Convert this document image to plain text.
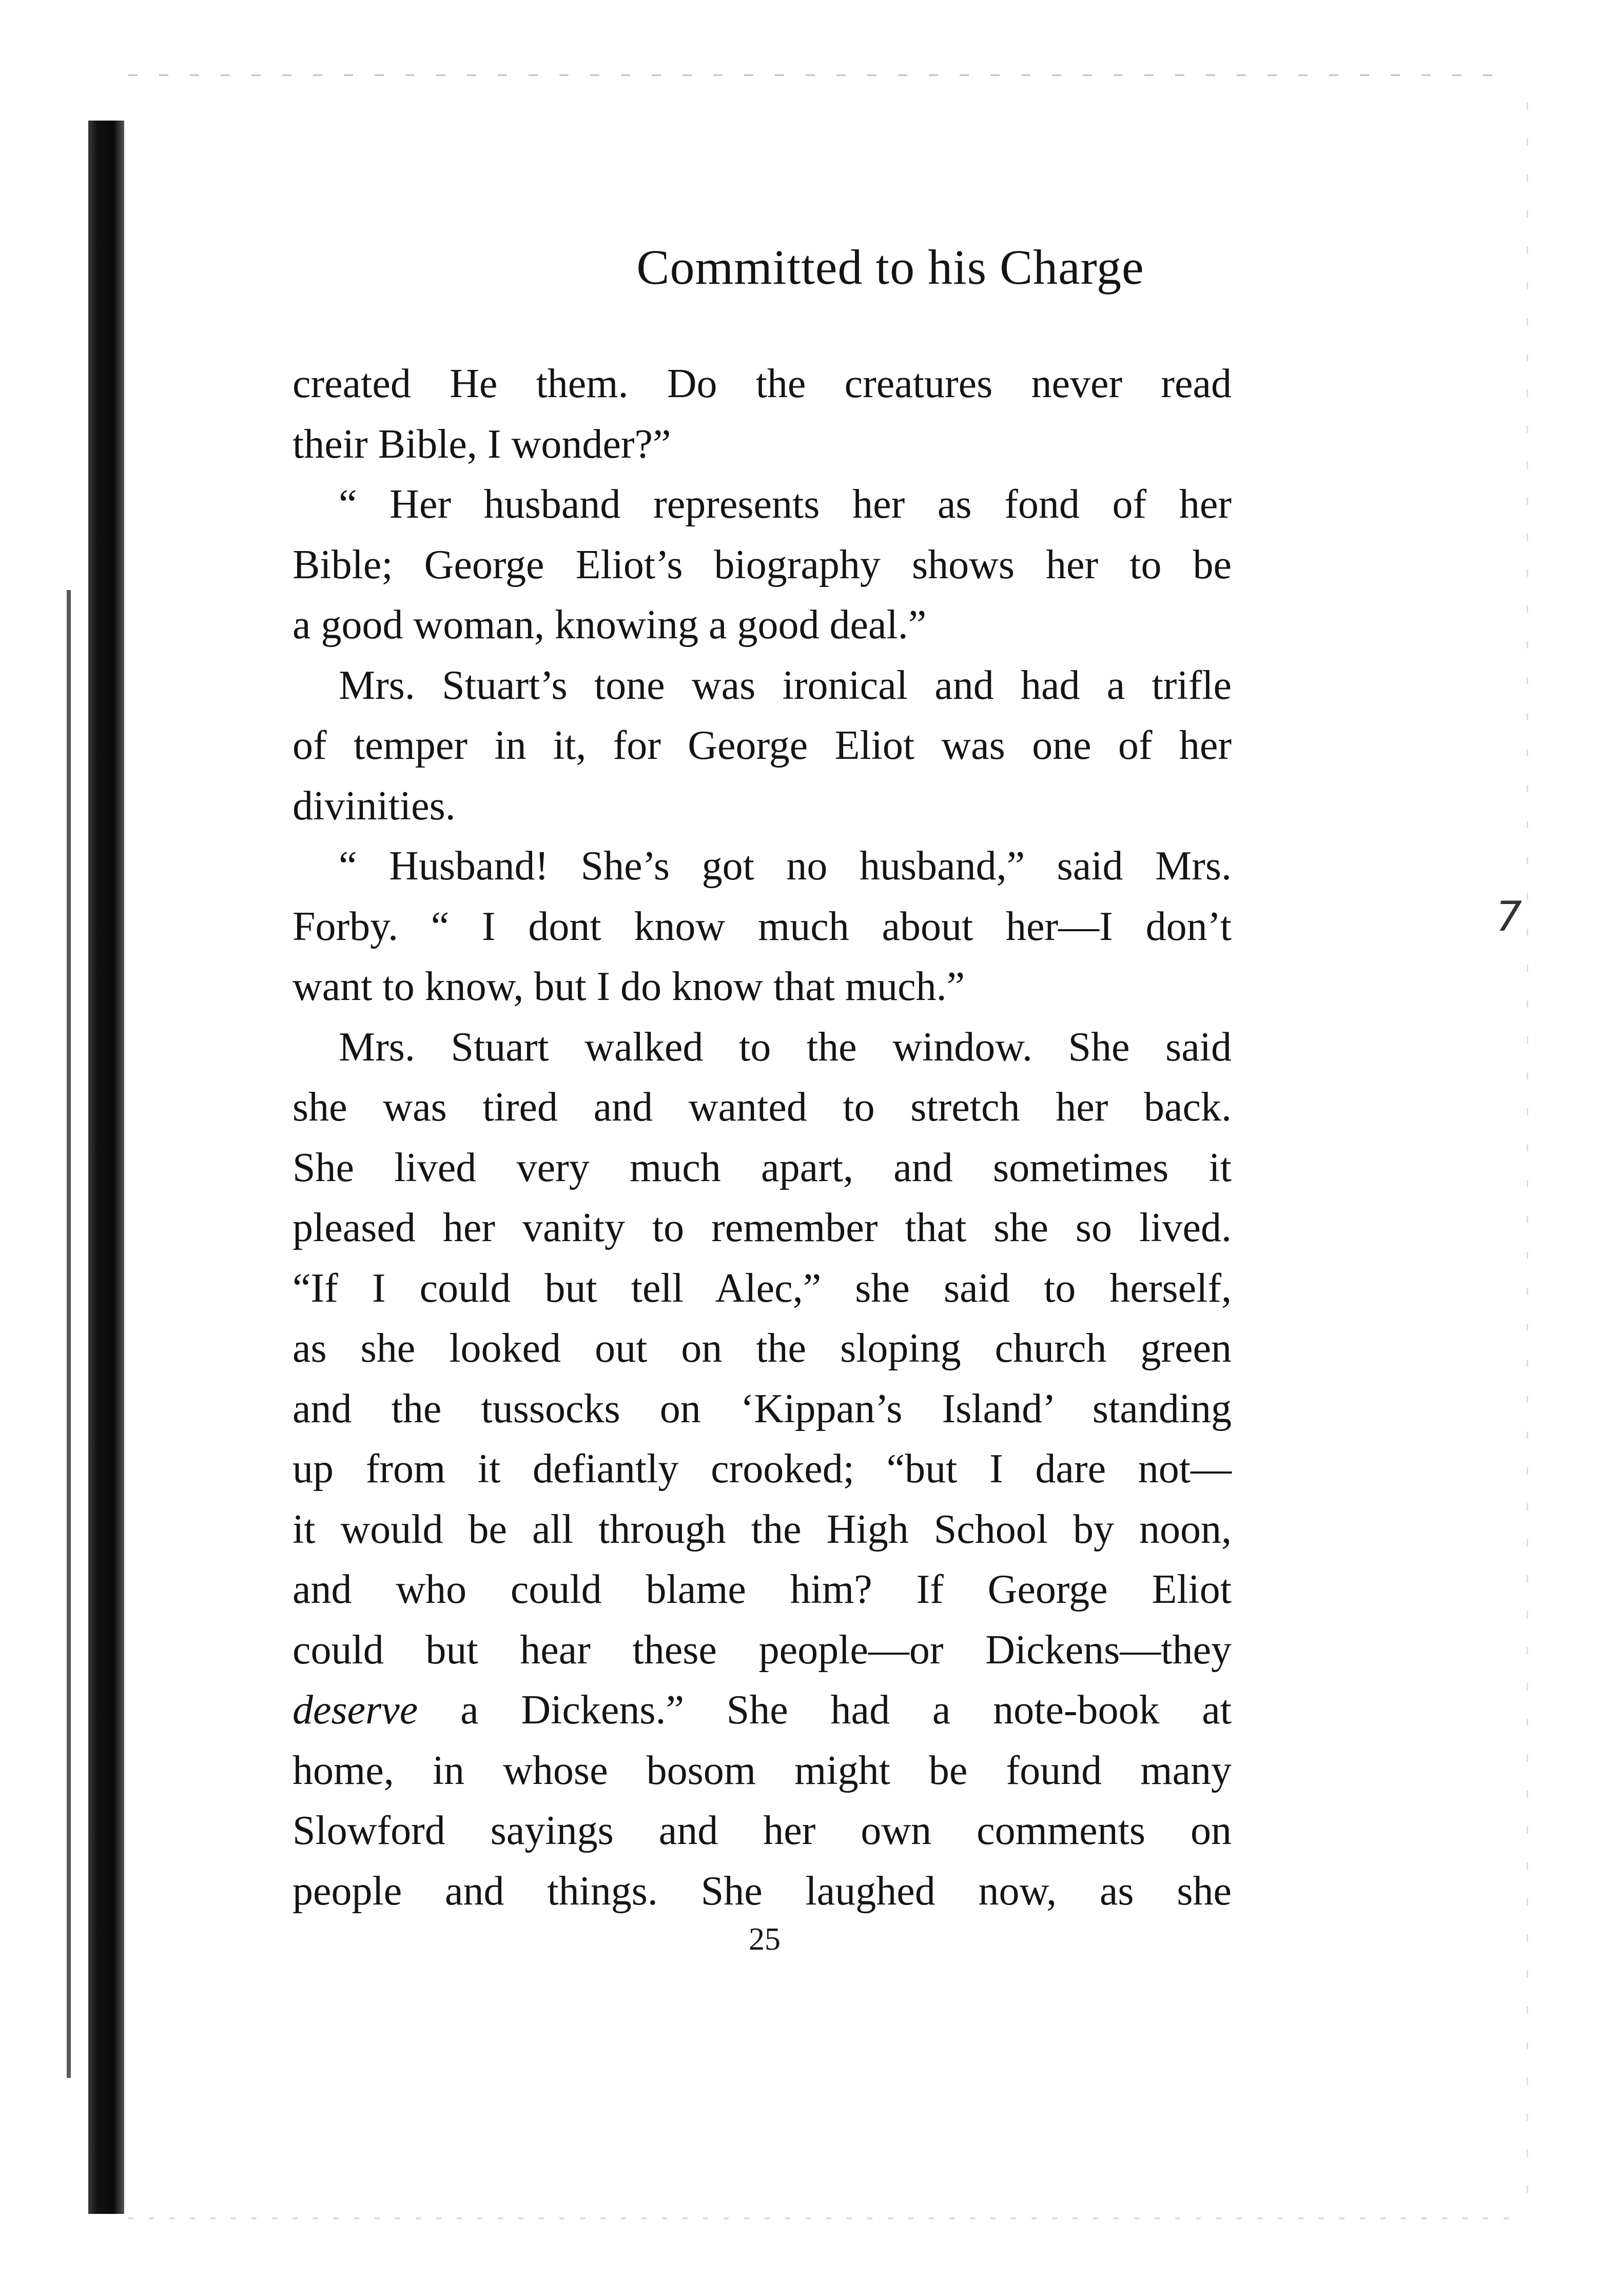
7
Committed to his Charge
created He them. Do the creatures never read
their Bible, I wonder?”
“ Her husband represents her as fond of her
Bible; George Eliot’s biography shows her to be
a good woman, knowing a good deal.”
Mrs. Stuart’s tone was ironical and had a trifle
of temper in it, for George Eliot was one of her
divinities.
“ Husband! She’s got no husband,” said Mrs.
Forby. “ I dont know much about her—I don’t
want to know, but I do know that much.”
Mrs. Stuart walked to the window. She said
she was tired and wanted to stretch her back.
She lived very much apart, and sometimes it
pleased her vanity to remember that she so lived.
“If I could but tell Alec,” she said to herself,
as she looked out on the sloping church green
and the tussocks on ‘Kippan’s Island’ standing
up from it defiantly crooked; “but I dare not—
it would be all through the High School by noon,
and who could blame him? If George Eliot
could but hear these people—or Dickens—they
deserve a Dickens.” She had a note-book at
home, in whose bosom might be found many
Slowford sayings and her own comments on
people and things. She laughed now, as she
25
